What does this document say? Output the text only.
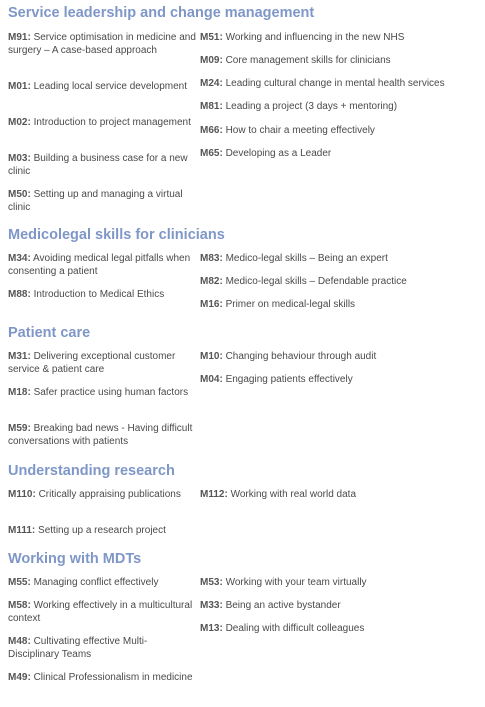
Service leadership and change management
M91: Service optimisation in medicine and surgery – A case-based approach
M01: Leading local service development
M02: Introduction to project management
M03: Building a business case for a new clinic
M50: Setting up and managing a virtual clinic
M51: Working and influencing in the new NHS
M09: Core management skills for clinicians
M24: Leading cultural change in mental health services
M81: Leading a project (3 days + mentoring)
M66: How to chair a meeting effectively
M65: Developing as a Leader
Medicolegal skills for clinicians
M34: Avoiding medical legal pitfalls when consenting a patient
M88: Introduction to Medical Ethics
M83: Medico-legal skills – Being an expert
M82: Medico-legal skills – Defendable practice
M16: Primer on medical-legal skills
Patient care
M31: Delivering exceptional customer service & patient care
M18: Safer practice using human factors
M59: Breaking bad news - Having difficult conversations with patients
M10: Changing behaviour through audit
M04: Engaging patients effectively
Understanding research
M110: Critically appraising publications
M111: Setting up a research project
M112: Working with real world data
Working with MDTs
M55: Managing conflict effectively
M58: Working effectively in a multicultural context
M48: Cultivating effective Multi-Disciplinary Teams
M49: Clinical Professionalism in medicine
M53: Working with your team virtually
M33: Being an active bystander
M13: Dealing with difficult colleagues
